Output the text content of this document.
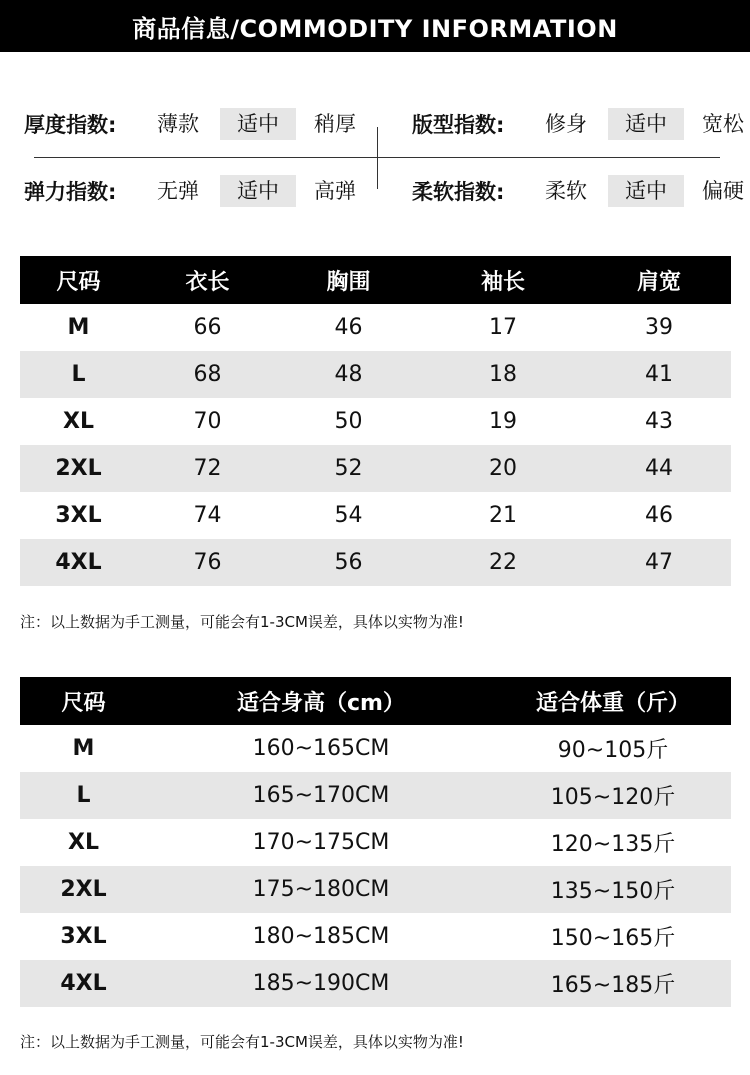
商品信息/COMMODITY INFORMATION
厚度指数:	薄款	适中	稍厚	版型指数:	修身	适中	宽松
弹力指数:	无弹	适中	高弹	柔软指数:	柔软	适中	偏硬
尺码	衣长	胸围	袖长	肩宽
M	66	46	17	39
L	68	48	18	41
XL	70	50	19	43
2XL	72	52	20	44
3XL	74	54	21	46
4XL	76	56	22	47
注：以上数据为手工测量，可能会有1-3CM误差，具体以实物为准!
尺码	适合身高（cm）	适合体重（斤）
M	160~165CM	90~105斤
L	165~170CM	105~120斤
XL	170~175CM	120~135斤
2XL	175~180CM	135~150斤
3XL	180~185CM	150~165斤
4XL	185~190CM	165~185斤
注：以上数据为手工测量，可能会有1-3CM误差，具体以实物为准!
